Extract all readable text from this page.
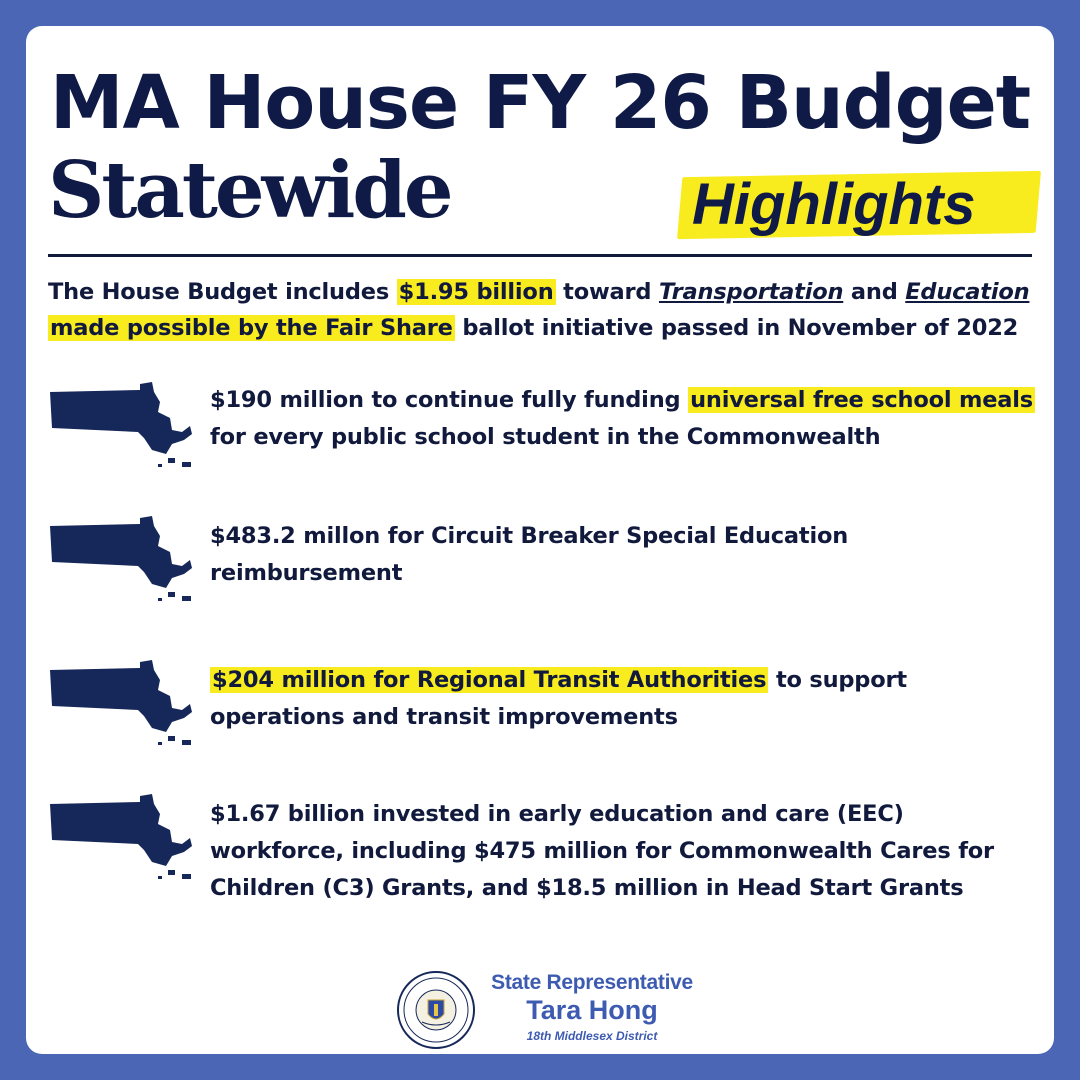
MA House FY 26 Budget
Statewide	Highlights
The House Budget includes $1.95 billion toward Transportation and Education
made possible by the Fair Share ballot initiative passed in November of 2022
$190 million to continue fully funding universal free school meals for every public school student in the Commonwealth
$483.2 millon for Circuit Breaker Special Education reimbursement
$204 million for Regional Transit Authorities to support operations and transit improvements
$1.67 billion invested in early education and care (EEC) workforce, including $475 million for Commonwealth Cares for Children (C3) Grants, and $18.5 million in Head Start Grants
State Representative
Tara Hong
18th Middlesex District
